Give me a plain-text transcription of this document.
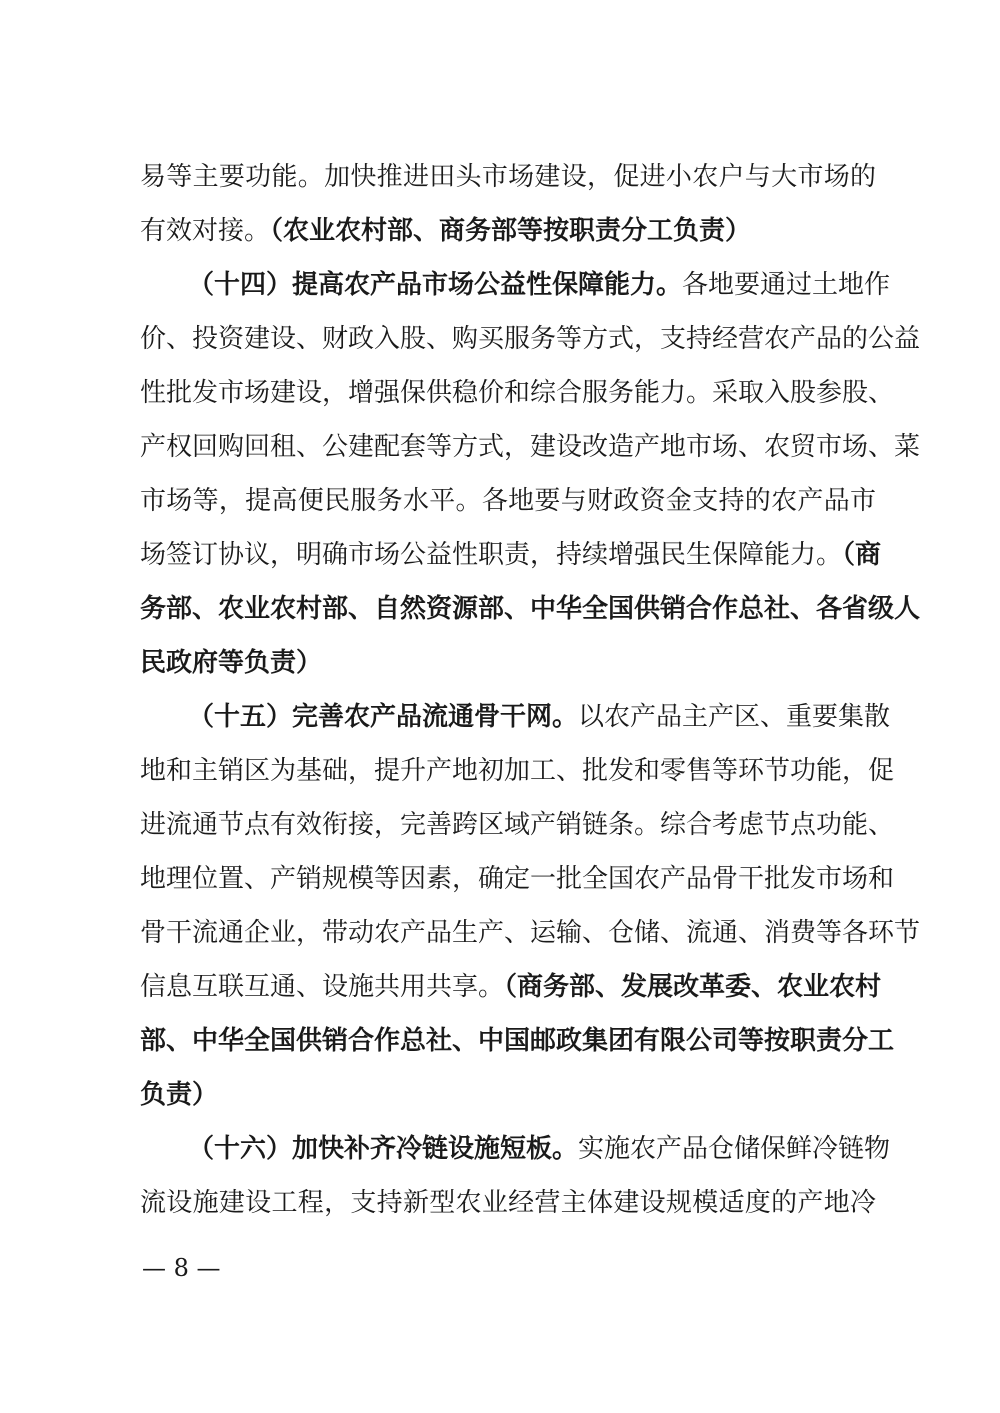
易等主要功能。加快推进田头市场建设，促进小农户与大市场的
有效对接。（农业农村部、商务部等按职责分工负责）
（十四）提高农产品市场公益性保障能力。各地要通过土地作
价、投资建设、财政入股、购买服务等方式，支持经营农产品的公益
性批发市场建设，增强保供稳价和综合服务能力。采取入股参股、
产权回购回租、公建配套等方式，建设改造产地市场、农贸市场、菜
市场等，提高便民服务水平。各地要与财政资金支持的农产品市
场签订协议，明确市场公益性职责，持续增强民生保障能力。（商
务部、农业农村部、自然资源部、中华全国供销合作总社、各省级人
民政府等负责）
（十五）完善农产品流通骨干网。以农产品主产区、重要集散
地和主销区为基础，提升产地初加工、批发和零售等环节功能，促
进流通节点有效衔接，完善跨区域产销链条。综合考虑节点功能、
地理位置、产销规模等因素，确定一批全国农产品骨干批发市场和
骨干流通企业，带动农产品生产、运输、仓储、流通、消费等各环节
信息互联互通、设施共用共享。（商务部、发展改革委、农业农村
部、中华全国供销合作总社、中国邮政集团有限公司等按职责分工
负责）
（十六）加快补齐冷链设施短板。实施农产品仓储保鲜冷链物
流设施建设工程，支持新型农业经营主体建设规模适度的产地冷
— 8 —
